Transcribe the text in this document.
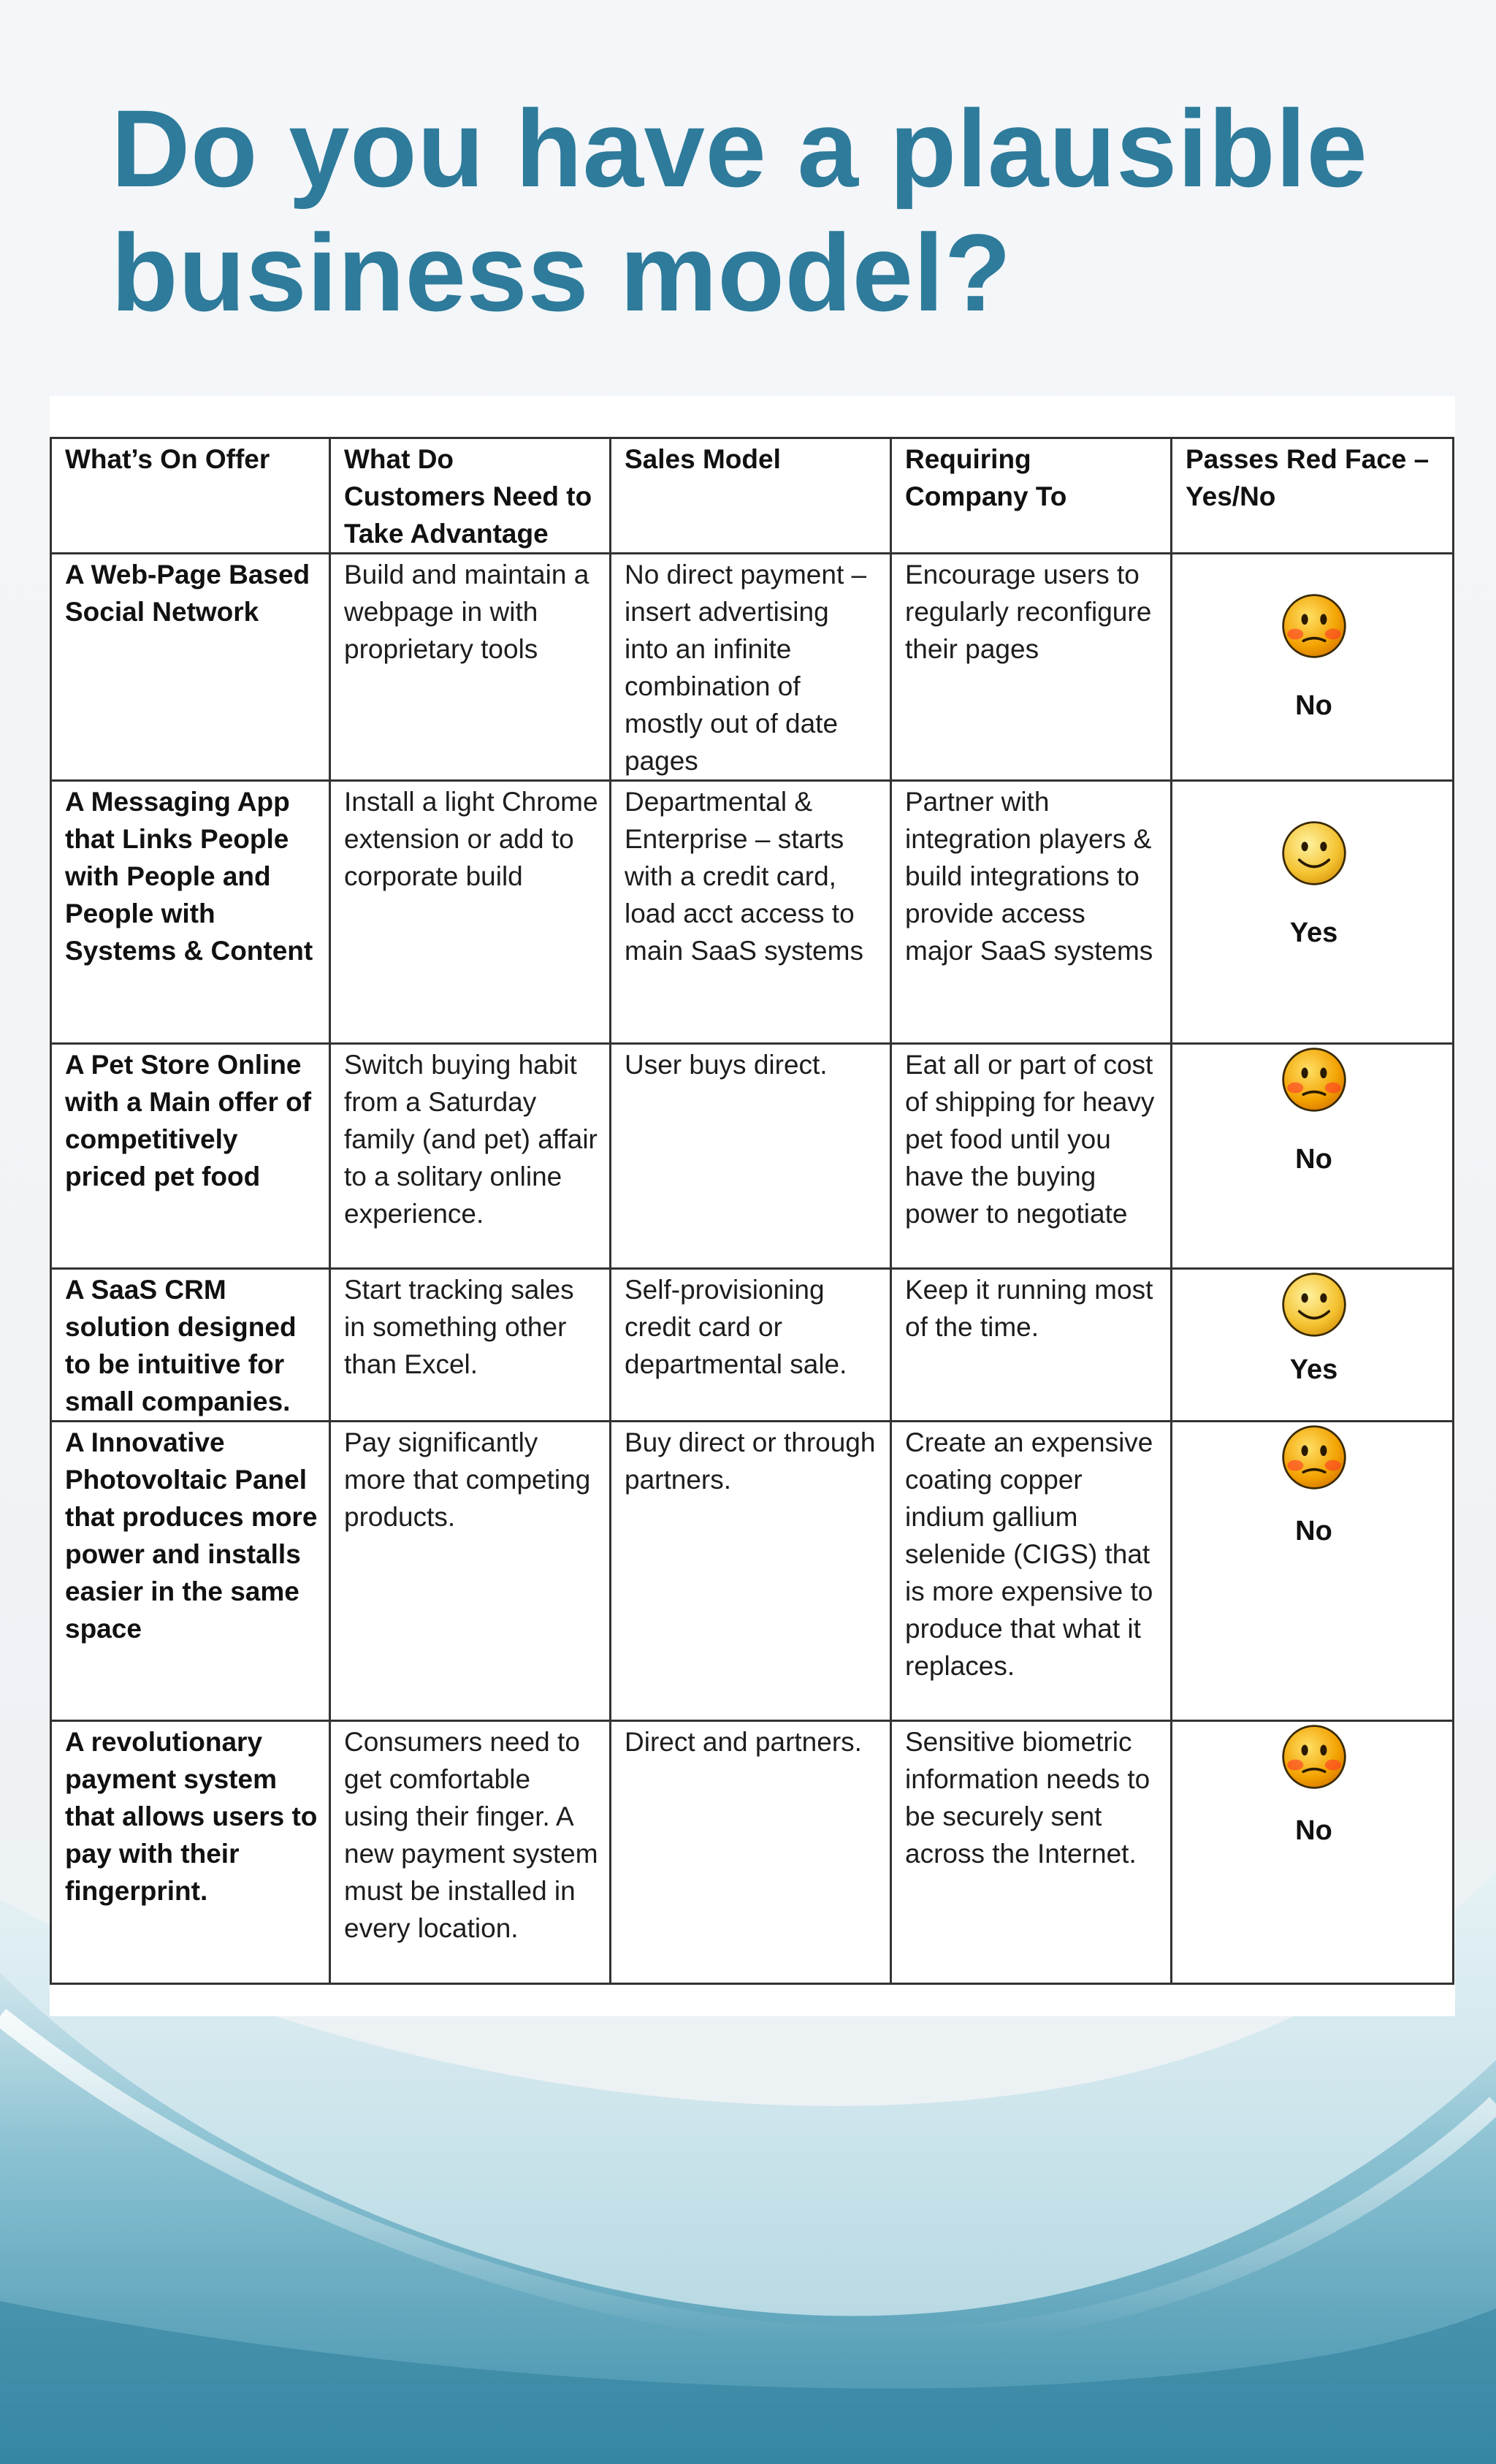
Do you have a plausible business model?
What’s On Offer	What Do Customers Need to Take Advantage	Sales Model	Requiring Company To	Passes Red Face – Yes/No
A Web-Page Based Social Network	Build and maintain a webpage in with proprietary tools	No direct payment – insert advertising into an infinite combination of mostly out of date pages	Encourage users to regularly reconfigure their pages	No

A Messaging App that Links People with People and People with Systems & Content	Install a light Chrome extension or add to corporate build	Departmental & Enterprise – starts with a credit card, load acct access to main SaaS systems	Partner with integration players & build integrations to provide access major SaaS systems	Yes

A Pet Store Online with a Main offer of competitively priced pet food	Switch buying habit from a Saturday family (and pet) affair to a solitary online experience.	User buys direct.	Eat all or part of cost of shipping for heavy pet food until you have the buying power to negotiate	No

A SaaS CRM solution designed to be intuitive for small companies.	Start tracking sales in something other than Excel.	Self-provisioning credit card or departmental sale.	Keep it running most of the time.	Yes

A Innovative Photovoltaic Panel that produces more power and installs easier in the same space	Pay significantly more that competing products.	Buy direct or through partners.	Create an expensive coating copper indium gallium selenide (CIGS) that is more expensive to produce that what it replaces.	No

A revolutionary payment system that allows users to pay with their fingerprint.	Consumers need to get comfortable using their finger. A new payment system must be installed in every location.	Direct and partners.	Sensitive biometric information needs to be securely sent across the Internet.	No
